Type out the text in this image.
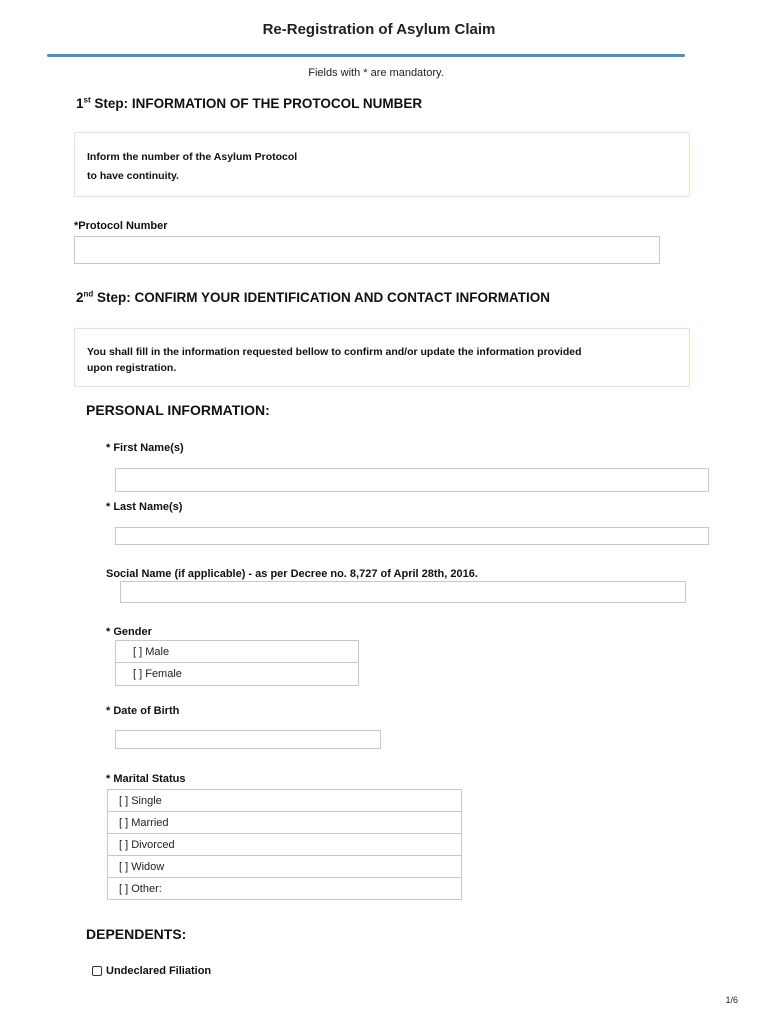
Re-Registration of Asylum Claim
Fields with * are mandatory.
1st Step: INFORMATION OF THE PROTOCOL NUMBER
Inform the number of the Asylum Protocol
to have continuity.
*Protocol Number
2nd Step: CONFIRM YOUR IDENTIFICATION AND CONTACT INFORMATION
You shall fill in the information requested bellow to confirm and/or update the information provided
upon registration.
PERSONAL INFORMATION:
* First Name(s)
* Last Name(s)
Social Name (if applicable) - as per Decree no. 8,727 of April 28th, 2016.
* Gender
[ ] Male
[ ] Female
* Date of Birth
* Marital Status
[ ] Single
[ ] Married
[ ] Divorced
[ ] Widow
[ ] Other:
DEPENDENTS:
Undeclared Filiation
1/6
